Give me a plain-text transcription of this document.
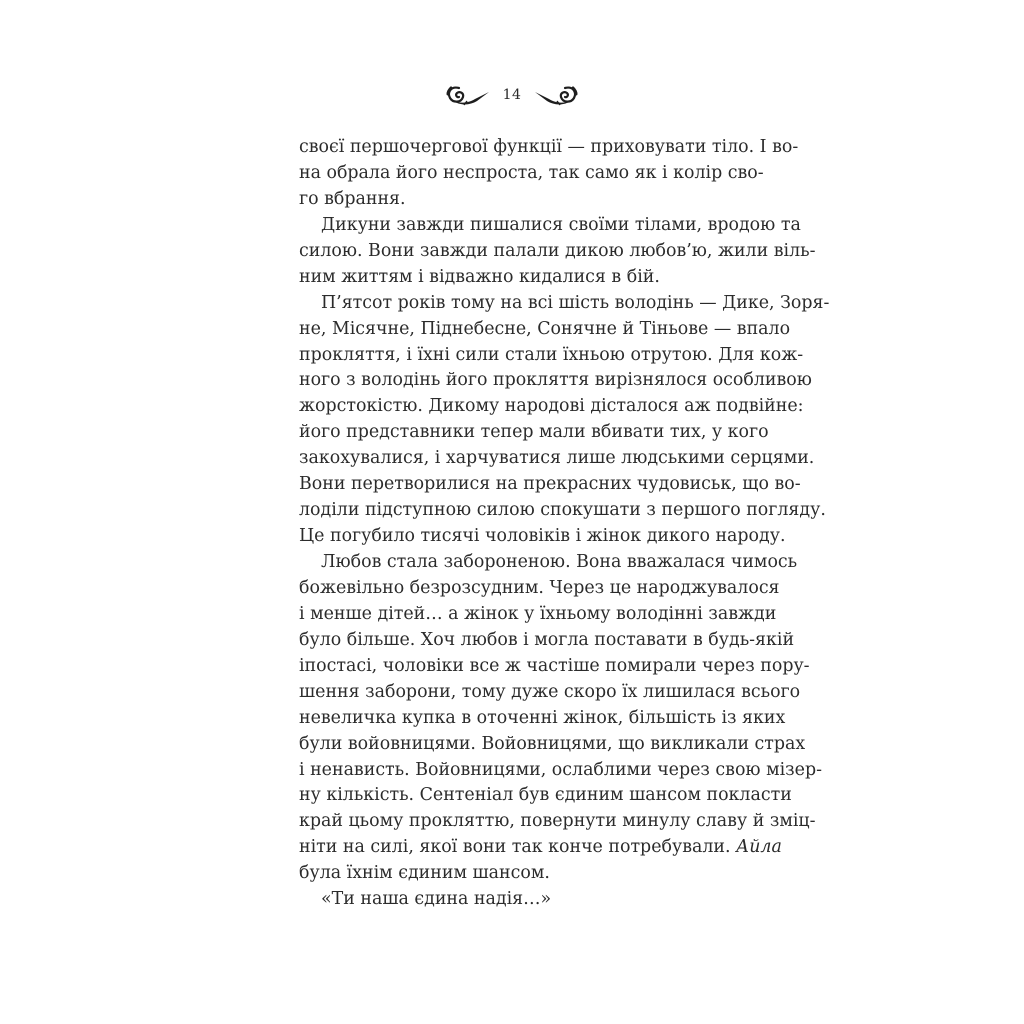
14
своєї першочергової функції — приховувати тіло. І во-
на обрала його неспроста, так само як і колір сво-
го вбрання.
Дикуни завжди пишалися своїми тілами, вродою та
силою. Вони завжди палали дикою любов’ю, жили віль-
ним життям і відважно кидалися в бій.
П’ятсот років тому на всі шість володінь — Дике, Зоря-
не, Місячне, Піднебесне, Сонячне й Тіньове — впало
прокляття, і їхні сили стали їхньою отрутою. Для кож-
ного з володінь його прокляття вирізнялося особливою
жорстокістю. Дикому народові дісталося аж подвійне:
його представники тепер мали вбивати тих, у кого
закохувалися, і харчуватися лише людськими серцями.
Вони перетворилися на прекрасних чудовиськ, що во-
лоділи підступною силою спокушати з першого погляду.
Це погубило тисячі чоловіків і жінок дикого народу.
Любов стала забороненою. Вона вважалася чимось
божевільно безрозсудним. Через це народжувалося
і менше дітей… а жінок у їхньому володінні завжди
було більше. Хоч любов і могла поставати в будь-якій
іпостасі, чоловіки все ж частіше помирали через пору-
шення заборони, тому дуже скоро їх лишилася всього
невеличка купка в оточенні жінок, більшість із яких
були войовницями. Войовницями, що викликали страх
і ненависть. Войовницями, ослаблими через свою мізер-
ну кількість. Сентеніал був єдиним шансом покласти
край цьому прокляттю, повернути минулу славу й зміц-
ніти на силі, якої вони так конче потребували. Айла
була їхнім єдиним шансом.
«Ти наша єдина надія…»
